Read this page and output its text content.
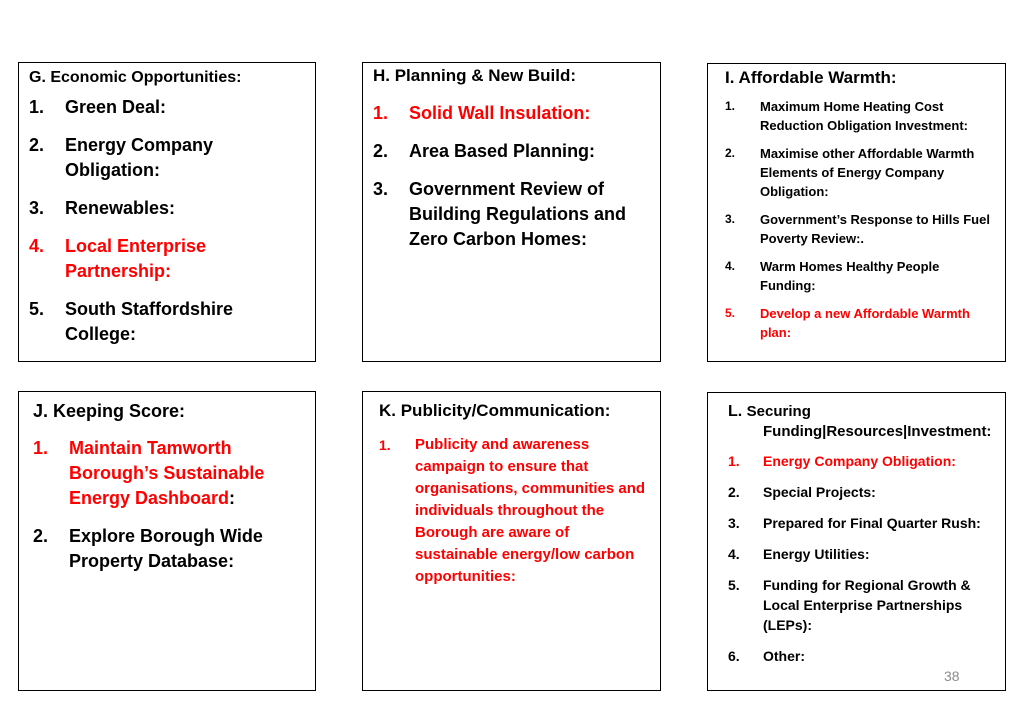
G. Economic Opportunities:

1.	Green Deal:
2.	Energy Company Obligation:
3.	Renewables:
4.	Local Enterprise Partnership:
5.	South Staffordshire College:

H. Planning & New Build:

1.	Solid Wall Insulation:
2.	Area Based Planning:
3.	Government Review of Building Regulations and Zero Carbon Homes:

I. Affordable Warmth:

1.	Maximum Home Heating Cost Reduction Obligation Investment:
2.	Maximise other Affordable Warmth Elements of Energy Company Obligation:
3.	Government’s Response to Hills Fuel Poverty Review:.
4.	Warm Homes Healthy People Funding:
5.	Develop a new Affordable Warmth plan:

J. Keeping Score:

1.	Maintain Tamworth Borough’s Sustainable Energy Dashboard:
2.	Explore Borough Wide Property Database:

K. Publicity/Communication:

1.	Publicity and awareness campaign to ensure that organisations, communities and individuals throughout the Borough are aware of sustainable energy/low carbon opportunities:
L. Securing
Funding|Resources|Investment:
1.	Energy Company Obligation:
2.	Special Projects:
3.	Prepared for Final Quarter Rush:
4.	Energy Utilities:
5.	Funding for Regional Growth & Local Enterprise Partnerships (LEPs):
6.	Other:
38
